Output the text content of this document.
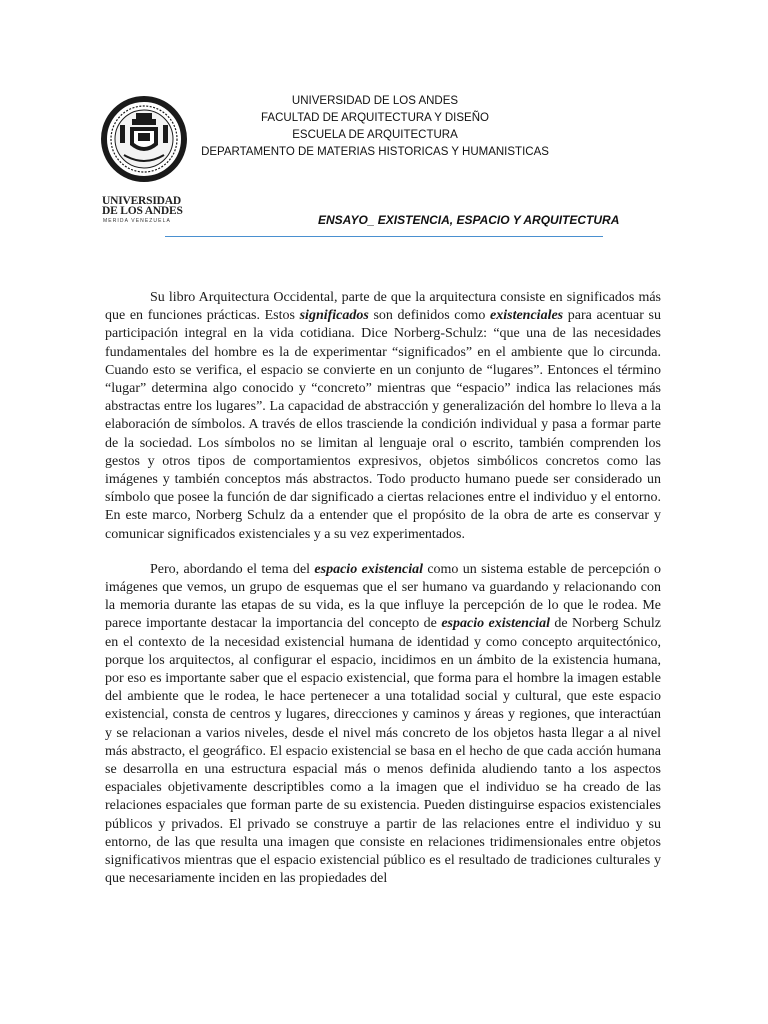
UNIVERSIDAD
DE LOS ANDES
MERIDA VENEZUELA
UNIVERSIDAD DE LOS ANDES
FACULTAD DE ARQUITECTURA Y DISEÑO
ESCUELA DE ARQUITECTURA
DEPARTAMENTO DE MATERIAS HISTORICAS Y HUMANISTICAS
ENSAYO_ EXISTENCIA, ESPACIO Y ARQUITECTURA

Su libro Arquitectura Occidental, parte de que la arquitectura consiste en significados más que en funciones prácticas. Estos significados son definidos como existenciales para acentuar su participación integral en la vida cotidiana. Dice Norberg-Schulz: “que una de las necesidades fundamentales del hombre es la de experimentar “significados” en el ambiente que lo circunda. Cuando esto se verifica, el espacio se convierte en un conjunto de “lugares”. Entonces el término “lugar” determina algo conocido y “concreto” mientras que “espacio” indica las relaciones más abstractas entre los lugares”. La capacidad de abstracción y generalización del hombre lo lleva a la elaboración de símbolos. A través de ellos trasciende la condición individual y pasa a formar parte de la sociedad. Los símbolos no se limitan al lenguaje oral o escrito, también comprenden los gestos y otros tipos de comportamientos expresivos, objetos simbólicos concretos como las imágenes y también conceptos más abstractos. Todo producto humano puede ser considerado un símbolo que posee la función de dar significado a ciertas relaciones entre el individuo y el entorno. En este marco, Norberg Schulz da a entender que el propósito de la obra de arte es conservar y comunicar significados existenciales y a su vez experimentados.

Pero, abordando el tema del espacio existencial como un sistema estable de percepción o imágenes que vemos, un grupo de esquemas que el ser humano va guardando y relacionando con la memoria durante las etapas de su vida, es la que influye la percepción de lo que le rodea. Me parece importante destacar la importancia del concepto de espacio existencial de Norberg Schulz en el contexto de la necesidad existencial humana de identidad y como concepto arquitectónico, porque los arquitectos, al configurar el espacio, incidimos en un ámbito de la existencia humana, por eso es importante saber que el espacio existencial, que forma para el hombre la imagen estable del ambiente que le rodea, le hace pertenecer a una totalidad social y cultural, que este espacio existencial, consta de centros y lugares, direcciones y caminos y áreas y regiones, que interactúan y se relacionan a varios niveles, desde el nivel más concreto de los objetos hasta llegar a al nivel más abstracto, el geográfico. El espacio existencial se basa en el hecho de que cada acción humana se desarrolla en una estructura espacial más o menos definida aludiendo tanto a los aspectos espaciales objetivamente descriptibles como a la imagen que el individuo se ha creado de las relaciones espaciales que forman parte de su existencia. Pueden distinguirse espacios existenciales públicos y privados. El privado se construye a partir de las relaciones entre el individuo y su entorno, de las que resulta una imagen que consiste en relaciones tridimensionales entre objetos significativos mientras que el espacio existencial público es el resultado de tradiciones culturales y que necesariamente inciden en las propiedades del
